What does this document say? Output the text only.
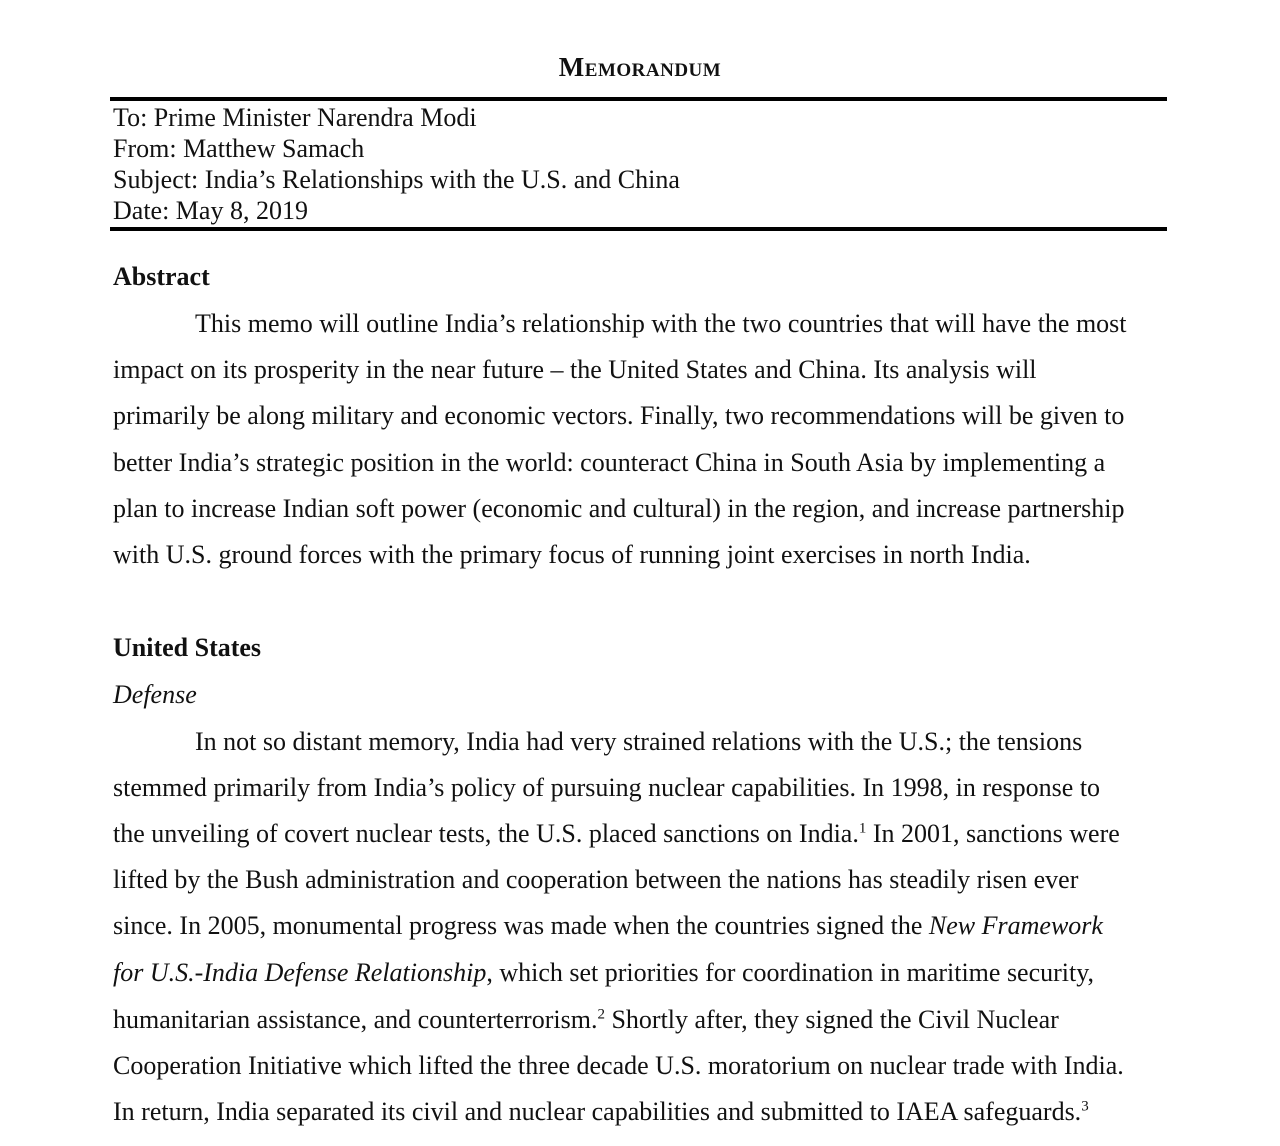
Memorandum
To: Prime Minister Narendra Modi
From: Matthew Samach
Subject: India’s Relationships with the U.S. and China
Date: May 8, 2019
Abstract
This memo will outline India’s relationship with the two countries that will have the most
impact on its prosperity in the near future – the United States and China. Its analysis will
primarily be along military and economic vectors. Finally, two recommendations will be given to
better India’s strategic position in the world: counteract China in South Asia by implementing a
plan to increase Indian soft power (economic and cultural) in the region, and increase partnership
with U.S. ground forces with the primary focus of running joint exercises in north India.
United States
Defense
In not so distant memory, India had very strained relations with the U.S.; the tensions
stemmed primarily from India’s policy of pursuing nuclear capabilities. In 1998, in response to
the unveiling of covert nuclear tests, the U.S. placed sanctions on India.$^1$ In 2001, sanctions were
lifted by the Bush administration and cooperation between the nations has steadily risen ever
since. In 2005, monumental progress was made when the countries signed the New Framework
for U.S.-India Defense Relationship, which set priorities for coordination in maritime security,
humanitarian assistance, and counterterrorism.$^2$ Shortly after, they signed the Civil Nuclear
Cooperation Initiative which lifted the three decade U.S. moratorium on nuclear trade with India.
In return, India separated its civil and nuclear capabilities and submitted to IAEA safeguards.$^3$
